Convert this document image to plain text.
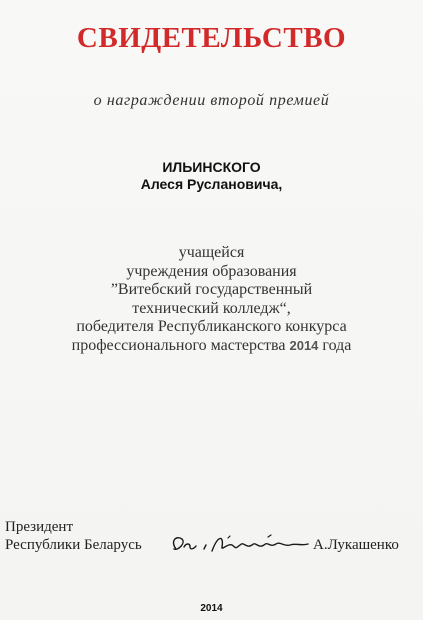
СВИДЕТЕЛЬСТВО
о награждении второй премией
ИЛЬИНСКОГО
Алеся Руслановича,
учащейся
учреждения образования
”Витебский государственный
технический колледж“,
победителя Республиканского конкурса
профессионального мастерства 2014 года
Президент
Республики Беларусь	А.Лукашенко
2014
